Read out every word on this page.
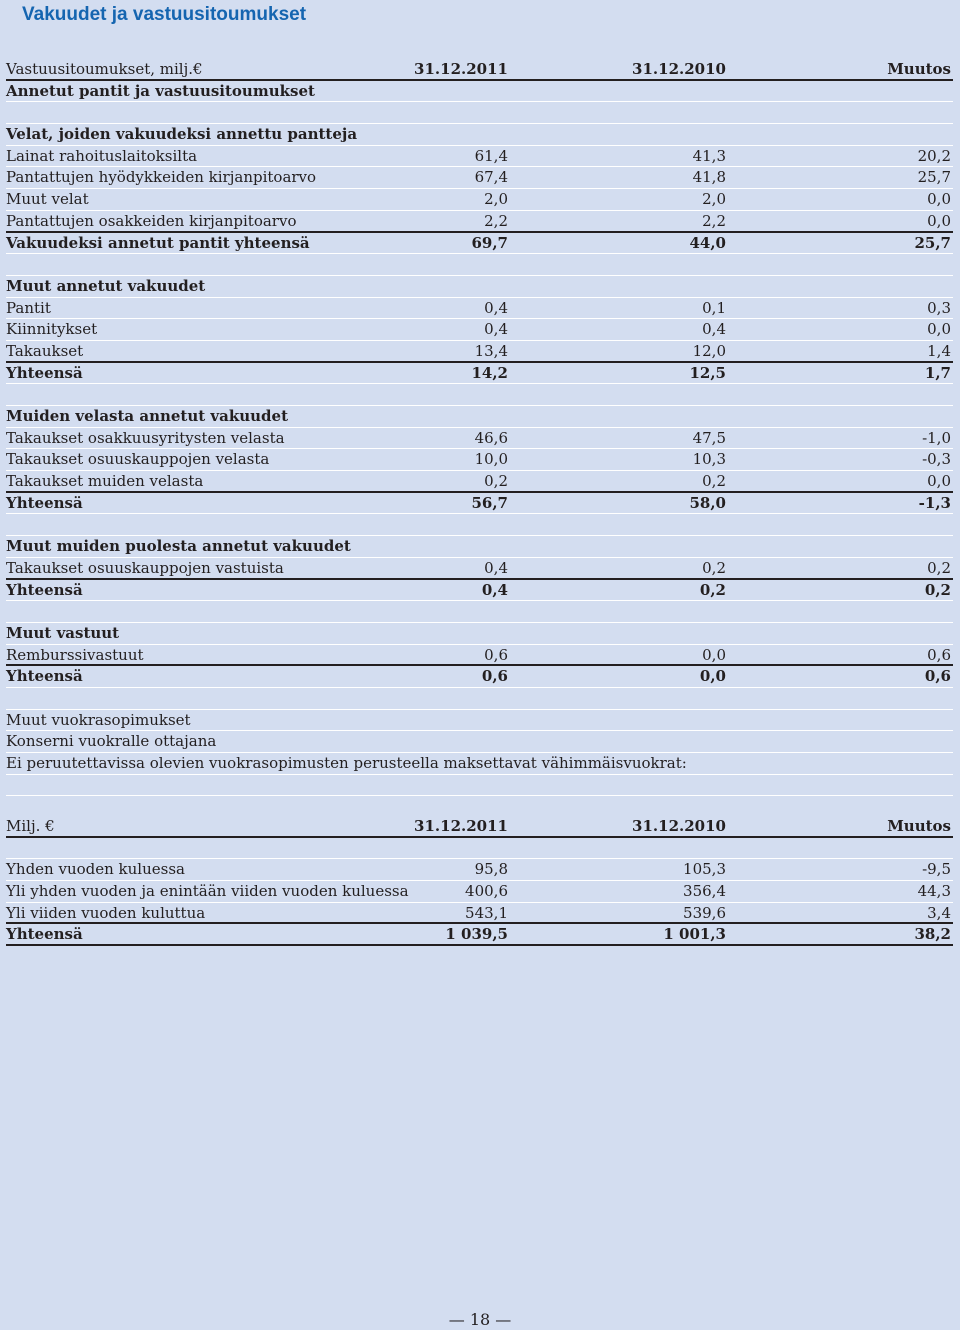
Vakuudet ja vastuusitoumukset
Vastuusitoumukset, milj.€	31.12.2011	31.12.2010	Muutos
Annetut pantit ja vastuusitoumukset
Velat, joiden vakuudeksi annettu pantteja
Lainat rahoituslaitoksilta	61,4	41,3	20,2
Pantattujen hyödykkeiden kirjanpitoarvo	67,4	41,8	25,7
Muut velat	2,0	2,0	0,0
Pantattujen osakkeiden kirjanpitoarvo	2,2	2,2	0,0
Vakuudeksi annetut pantit yhteensä	69,7	44,0	25,7
Muut annetut vakuudet
Pantit	0,4	0,1	0,3
Kiinnitykset	0,4	0,4	0,0
Takaukset	13,4	12,0	1,4
Yhteensä	14,2	12,5	1,7
Muiden velasta annetut vakuudet
Takaukset osakkuusyritysten velasta	46,6	47,5	-1,0
Takaukset osuuskauppojen velasta	10,0	10,3	-0,3
Takaukset muiden velasta	0,2	0,2	0,0
Yhteensä	56,7	58,0	-1,3
Muut muiden puolesta annetut vakuudet
Takaukset osuuskauppojen vastuista	0,4	0,2	0,2
Yhteensä	0,4	0,2	0,2
Muut vastuut
Remburssivastuut	0,6	0,0	0,6
Yhteensä	0,6	0,0	0,6
Muut vuokrasopimukset
Konserni vuokralle ottajana
Ei peruutettavissa olevien vuokrasopimusten perusteella maksettavat vähimmäisvuokrat:
Milj. €	31.12.2011	31.12.2010	Muutos
Yhden vuoden kuluessa	95,8	105,3	-9,5
Yli yhden vuoden ja enintään viiden vuoden kuluessa	400,6	356,4	44,3
Yli viiden vuoden kuluttua	543,1	539,6	3,4
Yhteensä	1 039,5	1 001,3	38,2
— 18 —
